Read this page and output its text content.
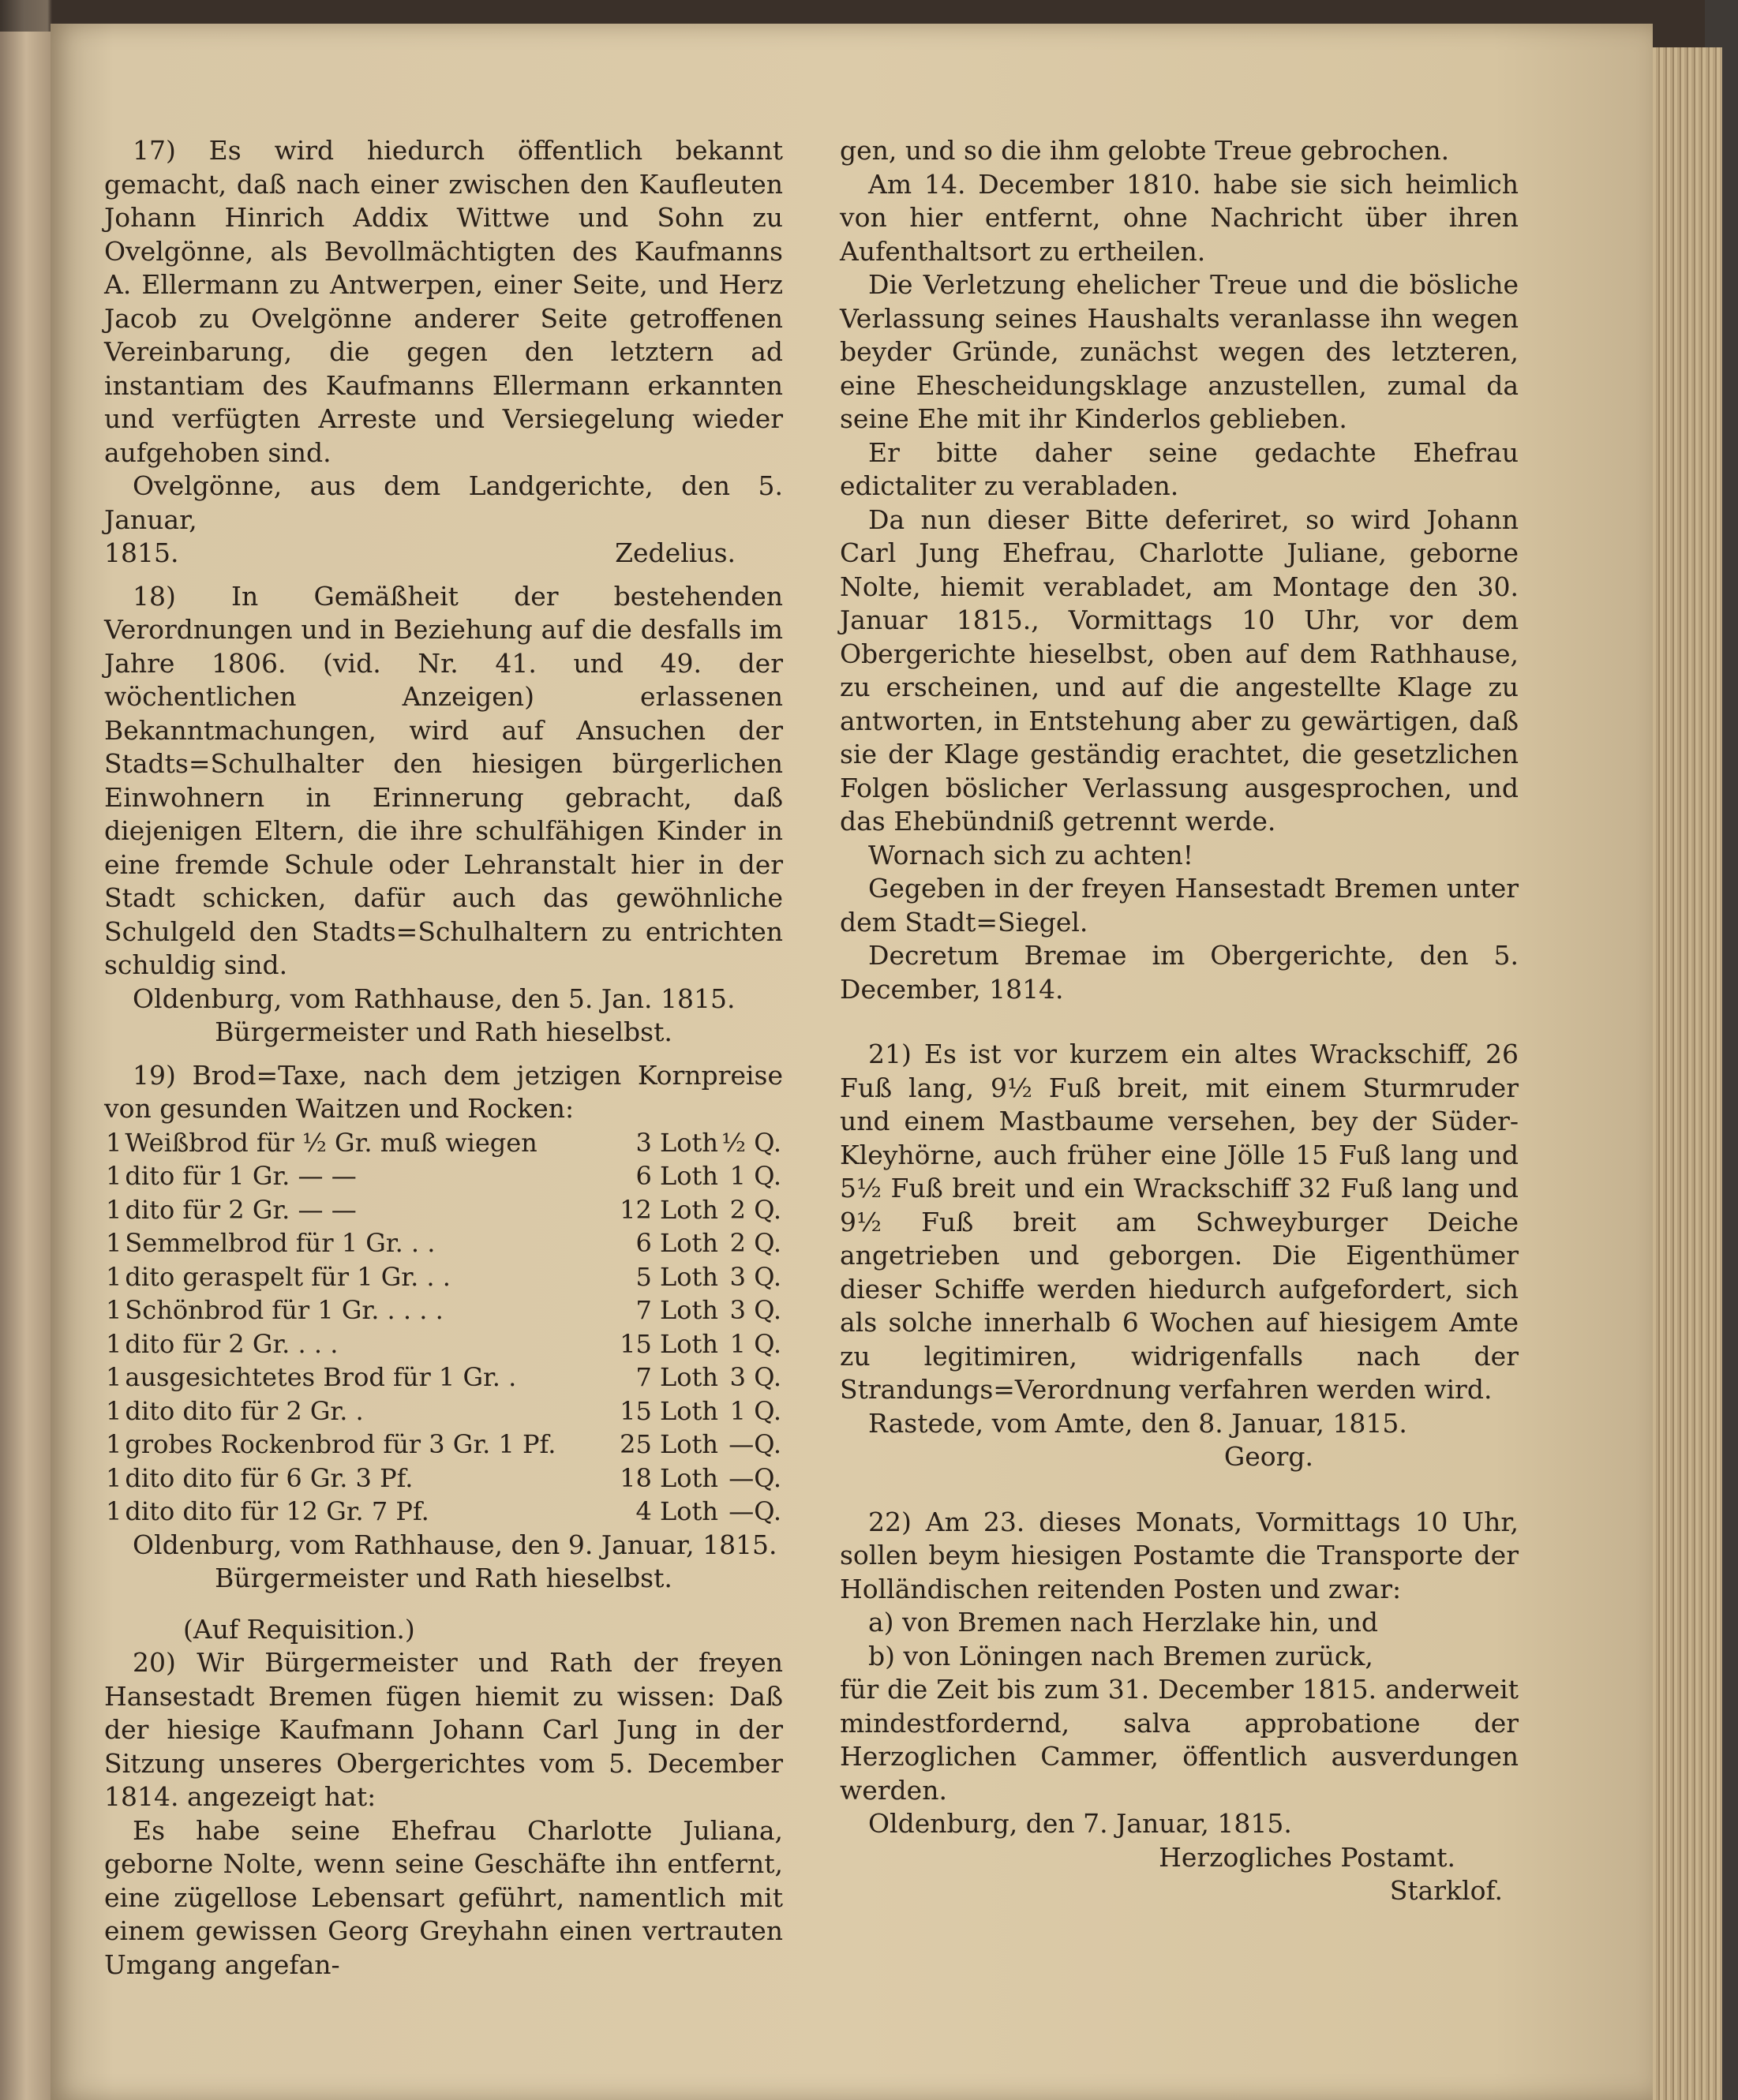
17) Es wird hiedurch öffentlich bekannt gemacht, daß nach einer zwischen den Kaufleuten Johann Hinrich Addix Wittwe und Sohn zu Ovelgönne, als Bevollmächtigten des Kaufmanns A. Ellermann zu Antwerpen, einer Seite, und Herz Jacob zu Ovelgönne anderer Seite getroffenen Vereinbarung, die gegen den letztern ad instantiam des Kaufmanns Ellermann erkannten und verfügten Arreste und Versiegelung wieder aufgehoben sind.

Ovelgönne, aus dem Landgerichte, den 5. Januar,

1815.	Zedelius.

18) In Gemäßheit der bestehenden Verordnungen und in Beziehung auf die desfalls im Jahre 1806. (vid. Nr. 41. und 49. der wöchentlichen Anzeigen) erlassenen Bekanntmachungen, wird auf Ansuchen der Stadts=Schulhalter den hiesigen bürgerlichen Einwohnern in Erinnerung gebracht, daß diejenigen Eltern, die ihre schulfähigen Kinder in eine fremde Schule oder Lehranstalt hier in der Stadt schicken, dafür auch das gewöhnliche Schulgeld den Stadts=Schulhaltern zu entrichten schuldig sind.

Oldenburg, vom Rathhause, den 5. Jan. 1815.

Bürgermeister und Rath hieselbst.

19) Brod=Taxe, nach dem jetzigen Kornpreise von gesunden Waitzen und Rocken:

1	Weißbrod für ½ Gr. muß wiegen	3 Loth	½ Q.
1	dito für 1 Gr. — —	6 Loth	1 Q.
1	dito für 2 Gr. — —	12 Loth	2 Q.
1	Semmelbrod für 1 Gr. . .	6 Loth	2 Q.
1	dito geraspelt für 1 Gr. . .	5 Loth	3 Q.
1	Schönbrod für 1 Gr. . . . .	7 Loth	3 Q.
1	dito für 2 Gr. . . .	15 Loth	1 Q.
1	ausgesichtetes Brod für 1 Gr. .	7 Loth	3 Q.
1	dito dito für 2 Gr. .	15 Loth	1 Q.
1	grobes Rockenbrod für 3 Gr. 1 Pf.	25 Loth	—Q.
1	dito dito für 6 Gr. 3 Pf.	18 Loth	—Q.
1	dito dito für 12 Gr. 7 Pf.	4 Loth	—Q.

Oldenburg, vom Rathhause, den 9. Januar, 1815.

Bürgermeister und Rath hieselbst.

(Auf Requisition.)

20) Wir Bürgermeister und Rath der freyen Hansestadt Bremen fügen hiemit zu wissen: Daß der hiesige Kaufmann Johann Carl Jung in der Sitzung unseres Obergerichtes vom 5. December 1814. angezeigt hat:

Es habe seine Ehefrau Charlotte Juliana, geborne Nolte, wenn seine Geschäfte ihn entfernt, eine zügellose Lebensart geführt, namentlich mit einem gewissen Georg Greyhahn einen vertrauten Umgang angefan-

gen, und so die ihm gelobte Treue gebrochen.

Am 14. December 1810. habe sie sich heimlich von hier entfernt, ohne Nachricht über ihren Aufenthaltsort zu ertheilen.

Die Verletzung ehelicher Treue und die bösliche Verlassung seines Haushalts veranlasse ihn wegen beyder Gründe, zunächst wegen des letzteren, eine Ehescheidungsklage anzustellen, zumal da seine Ehe mit ihr Kinderlos geblieben.

Er bitte daher seine gedachte Ehefrau edictaliter zu verabladen.

Da nun dieser Bitte deferiret, so wird Johann Carl Jung Ehefrau, Charlotte Juliane, geborne Nolte, hiemit verabladet, am Montage den 30. Januar 1815., Vormittags 10 Uhr, vor dem Obergerichte hieselbst, oben auf dem Rathhause, zu erscheinen, und auf die angestellte Klage zu antworten, in Entstehung aber zu gewärtigen, daß sie der Klage geständig erachtet, die gesetzlichen Folgen böslicher Verlassung ausgesprochen, und das Ehebündniß getrennt werde.

Wornach sich zu achten!

Gegeben in der freyen Hansestadt Bremen unter dem Stadt=Siegel.

Decretum Bremae im Obergerichte, den 5. December, 1814.

21) Es ist vor kurzem ein altes Wrackschiff, 26 Fuß lang, 9½ Fuß breit, mit einem Sturmruder und einem Mastbaume versehen, bey der Süder-Kleyhörne, auch früher eine Jölle 15 Fuß lang und 5½ Fuß breit und ein Wrackschiff 32 Fuß lang und 9½ Fuß breit am Schweyburger Deiche angetrieben und geborgen. Die Eigenthümer dieser Schiffe werden hiedurch aufgefordert, sich als solche innerhalb 6 Wochen auf hiesigem Amte zu legitimiren, widrigenfalls nach der Strandungs=Verordnung verfahren werden wird.

Rastede, vom Amte, den 8. Januar, 1815.

Georg.

22) Am 23. dieses Monats, Vormittags 10 Uhr, sollen beym hiesigen Postamte die Transporte der Holländischen reitenden Posten und zwar:

a) von Bremen nach Herzlake hin, und

b) von Löningen nach Bremen zurück,

für die Zeit bis zum 31. December 1815. anderweit mindestfordernd, salva approbatione der Herzoglichen Cammer, öffentlich ausverdungen werden.

Oldenburg, den 7. Januar, 1815.

Herzogliches Postamt.

Starklof.
